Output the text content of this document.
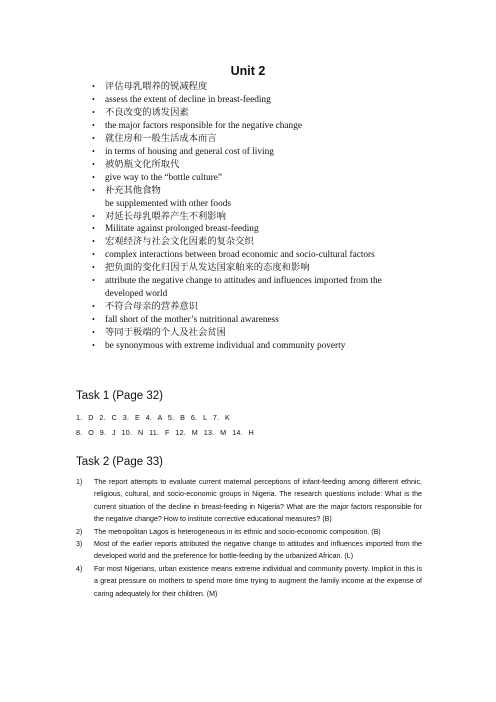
Unit 2
• 评估母乳喂养的锐减程度
• assess the extent of decline in breast-feeding
• 不良改变的诱发因素
• the major factors responsible for the negative change
• 就住房和一般生活成本而言
• in terms of housing and general cost of living
• 被奶瓶文化所取代
• give way to the “bottle culture”
• 补充其他食物
be supplemented with other foods
• 对延长母乳喂养产生不利影响
• Militate against prolonged breast-feeding
• 宏观经济与社会文化因素的复杂交织
• complex interactions between broad economic and socio-cultural factors
• 把负面的变化归因于从发达国家舶来的态度和影响
• attribute the negative change to attitudes and influences imported from the
developed world
• 不符合母亲的营养意识
• fall short of the mother’s nutritional awareness
• 等同于极端的个人及社会贫困
• be synonymous with extreme individual and community poverty
Task 1 (Page 32)
1. D 2. C 3. E 4. A 5. B 6. L 7. K
8. O 9. J 10. N 11. F 12. M 13. M 14. H
Task 2 (Page 33)
1) The report attempts to evaluate current maternal perceptions of infant-feeding among different ethnic, religious, cultural, and socio-economic groups in Nigeria. The research questions include: What is the current situation of the decline in breast-feeding in Nigeria? What are the major factors responsible for the negative change? How to institute corrective educational measures? (B)
2) The metropolitan Lagos is heterogeneous in its ethnic and socio-economic composition. (B)
3) Most of the earlier reports attributed the negative change to attitudes and influences imported from the developed world and the preference for bottle-feeding by the urbanized African. (L)
4) For most Nigerians, urban existence means extreme individual and community poverty. Implicit in this is a great pressure on mothers to spend more time trying to augment the family income at the expense of caring adequately for their children. (M)
